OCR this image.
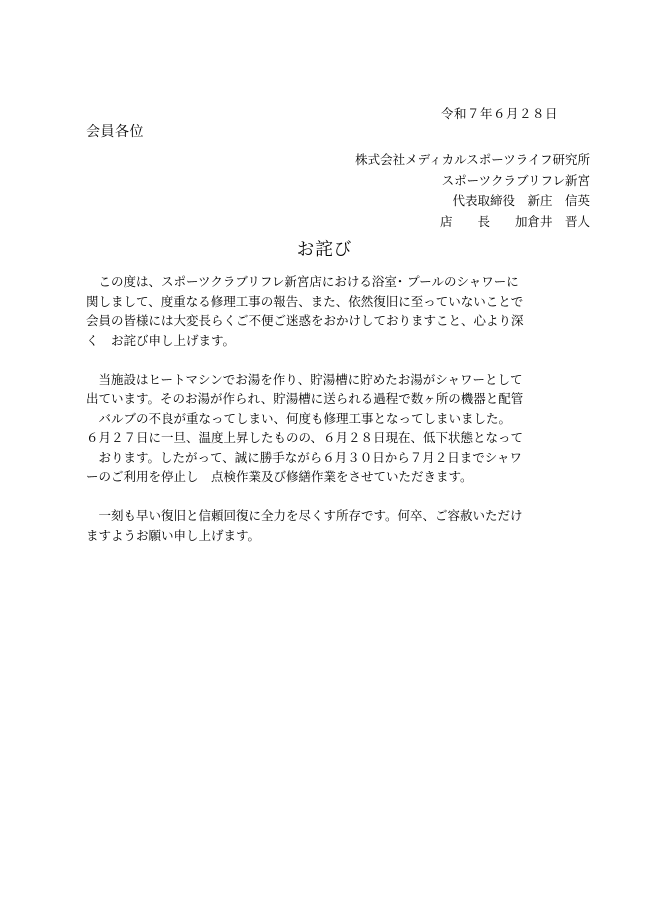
令和７年６月２８日
会員各位
株式会社メディカルスポーツライフ研究所
スポーツクラブリフレ新宮
代表取締役　新庄　信英
店　　長　　加倉井　晋人
お詫び
　この度は、スポーツクラブリフレ新宮店における浴室･ プールのシャワーに
関しまして、度重なる修理工事の報告、また、依然復旧に至っていないことで
会員の皆様には大変長らくご不便ご迷惑をおかけしておりますこと、心より深
く　お詫び申し上げます。
　当施設はヒートマシンでお湯を作り、貯湯槽に貯めたお湯がシャワーとして
出ています。そのお湯が作られ、貯湯槽に送られる過程で数ヶ所の機器と配管
　バルブの不良が重なってしまい、何度も修理工事となってしまいました。
６月２７日に一旦、温度上昇したものの、６月２８日現在、低下状態となって
　おります。したがって、誠に勝手ながら６月３０日から７月２日までシャワ
ーのご利用を停止し　点検作業及び修繕作業をさせていただきます。
　一刻も早い復旧と信頼回復に全力を尽くす所存です。何卒、ご容赦いただけ
ますようお願い申し上げます。
